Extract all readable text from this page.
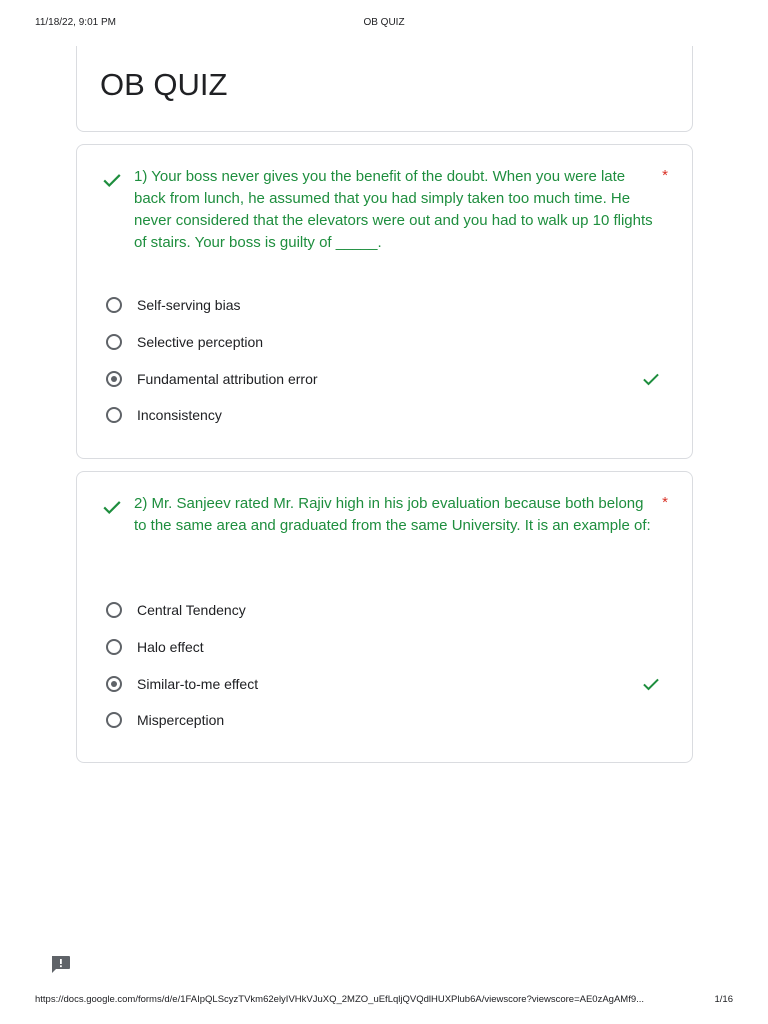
11/18/22, 9:01 PM	OB QUIZ
OB QUIZ
1) Your boss never gives you the benefit of the doubt. When you were late back from lunch, he assumed that you had simply taken too much time. He never considered that the elevators were out and you had to walk up 10 flights of stairs. Your boss is guilty of _____.
*
Self-serving bias
Selective perception
Fundamental attribution error
Inconsistency
2) Mr. Sanjeev rated Mr. Rajiv high in his job evaluation because both belong to the same area and graduated from the same University. It is an example of:
*
Central Tendency
Halo effect
Similar-to-me effect
Misperception
https://docs.google.com/forms/d/e/1FAIpQLScyzTVkm62elyIVHkVJuXQ_2MZO_uEfLqljQVQdlHUXPlub6A/viewscore?viewscore=AE0zAgAMf9...	1/16
